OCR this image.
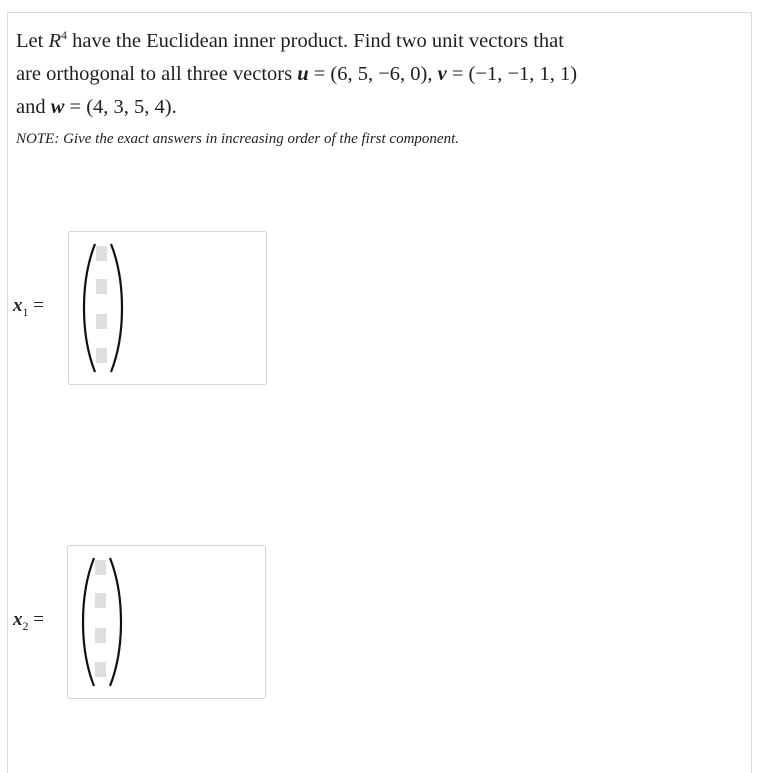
Let $R^4$ have the Euclidean inner product. Find two unit vectors that
are orthogonal to all three vectors u = (6, 5, −6, 0), v = (−1, −1, 1, 1)
and w = (4, 3, 5, 4).
NOTE: Give the exact answers in increasing order of the first component.
$x_1$ =
$x_2$ =
